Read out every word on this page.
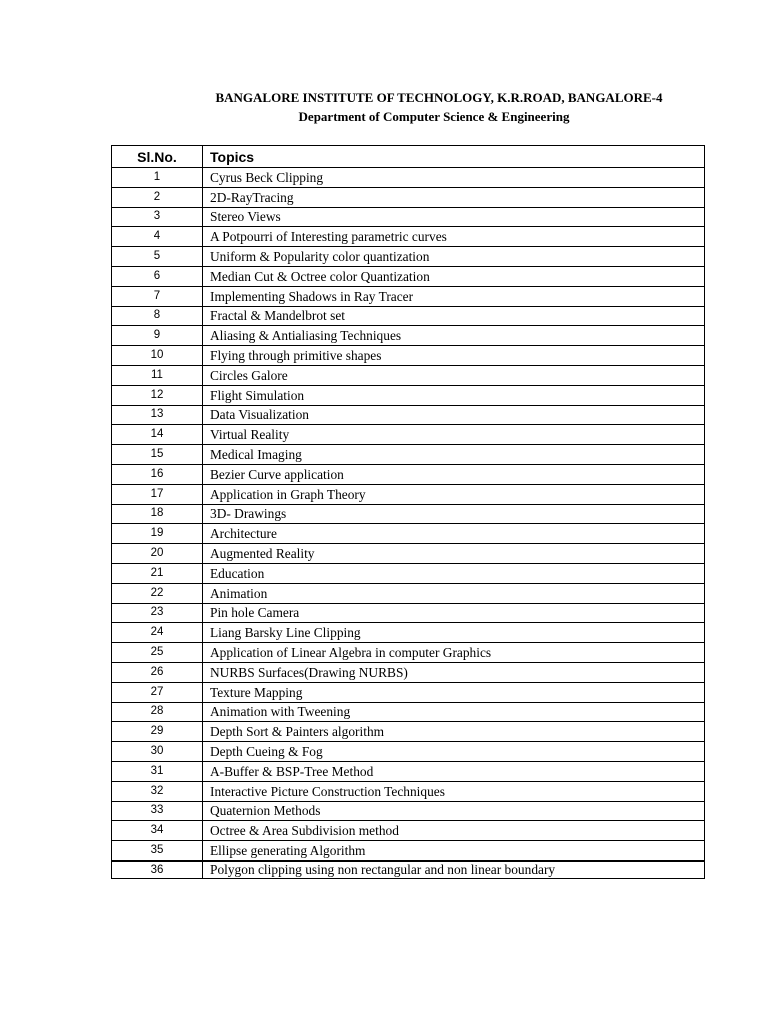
BANGALORE INSTITUTE OF TECHNOLOGY, K.R.ROAD, BANGALORE-4
Department of Computer Science & Engineering
Sl.No.	Topics
1	Cyrus Beck Clipping
2	2D-RayTracing
3	Stereo Views
4	A Potpourri of Interesting parametric curves
5	Uniform & Popularity color quantization
6	Median Cut & Octree color Quantization
7	Implementing Shadows in Ray Tracer
8	Fractal & Mandelbrot set
9	Aliasing & Antialiasing Techniques
10	Flying through primitive shapes
11	Circles Galore
12	Flight Simulation
13	Data Visualization
14	Virtual Reality
15	Medical Imaging
16	Bezier Curve application
17	Application in Graph Theory
18	3D- Drawings
19	Architecture
20	Augmented Reality
21	Education
22	Animation
23	Pin hole Camera
24	Liang Barsky Line Clipping
25	Application of Linear Algebra in computer Graphics
26	NURBS Surfaces(Drawing NURBS)
27	Texture Mapping
28	Animation with Tweening
29	Depth Sort & Painters algorithm
30	Depth Cueing & Fog
31	A-Buffer & BSP-Tree Method
32	Interactive Picture Construction Techniques
33	Quaternion Methods
34	Octree & Area Subdivision method
35	Ellipse generating Algorithm
36	Polygon clipping using non rectangular and non linear boundary
